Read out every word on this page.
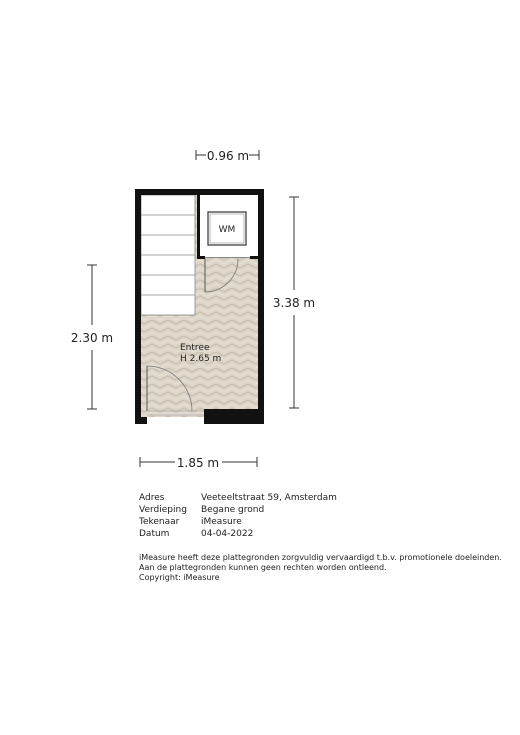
0.96 m
2.30 m
3.38 m
1.85 m
WM
Entree
H 2.65 m
Adres	Veeteeltstraat 59, Amsterdam
Verdieping	Begane grond
Tekenaar	iMeasure
Datum	04-04-2022
iMeasure heeft deze plattegronden zorgvuldig vervaardigd t.b.v. promotionele doeleinden.
Aan de plattegronden kunnen geen rechten worden ontleend.
Copyright: iMeasure
